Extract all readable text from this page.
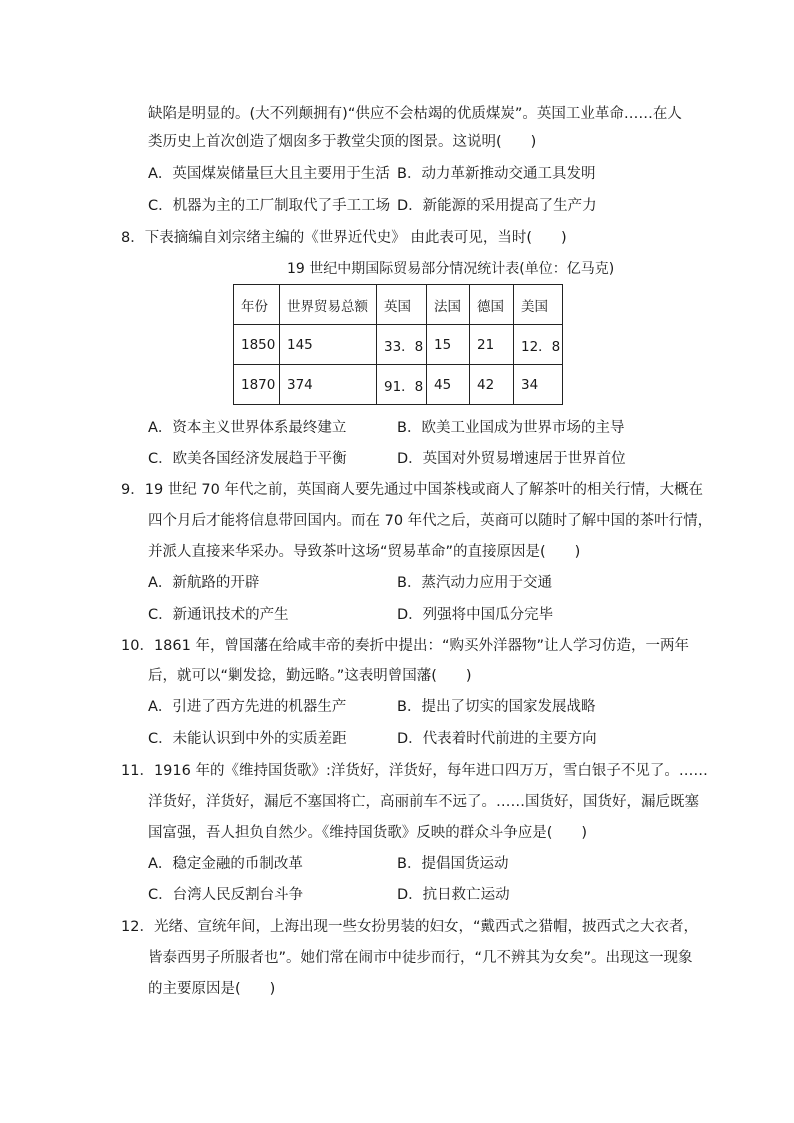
缺陷是明显的。(大不列颠拥有)“供应不会枯竭的优质煤炭”。英国工业革命……在人
类历史上首次创造了烟囱多于教堂尖顶的图景。这说明(　　)
A．英国煤炭储量巨大且主要用于生活 B．动力革新推动交通工具发明
C．机器为主的工厂制取代了手工工场 D．新能源的采用提高了生产力
8．下表摘编自刘宗绪主编的《世界近代史》 由此表可见，当时(　　)
19 世纪中期国际贸易部分情况统计表(单位：亿马克)
年份	世界贸易总额	英国	法国	德国	美国
1850	145	33．8	15	21	12．8
1870	374	91．8	45	42	34
A．资本主义世界体系最终建立	B．欧美工业国成为世界市场的主导
C．欧美各国经济发展趋于平衡	D．英国对外贸易增速居于世界首位
9．19 世纪 70 年代之前，英国商人要先通过中国茶栈或商人了解茶叶的相关行情，大概在
四个月后才能将信息带回国内。而在 70 年代之后，英商可以随时了解中国的茶叶行情，
并派人直接来华采办。导致茶叶这场“贸易革命”的直接原因是(　　)
A．新航路的开辟	B．蒸汽动力应用于交通
C．新通讯技术的产生	D．列强将中国瓜分完毕
10．1861 年，曾国藩在给咸丰帝的奏折中提出：“购买外洋器物”让人学习仿造，一两年
后，就可以“剿发捻，勤远略。”这表明曾国藩(　　)
A．引进了西方先进的机器生产	B．提出了切实的国家发展战略
C．未能认识到中外的实质差距	D．代表着时代前进的主要方向
11．1916 年的《维持国货歌》:洋货好，洋货好，每年进口四万万，雪白银子不见了。……
洋货好，洋货好，漏卮不塞国将亡，高丽前车不远了。……国货好，国货好，漏卮既塞
国富强，吾人担负自然少。《维持国货歌》反映的群众斗争应是(　　)
A．稳定金融的币制改革	B．提倡国货运动
C．台湾人民反割台斗争	D．抗日救亡运动
12．光绪、宣统年间，上海出现一些女扮男装的妇女，“戴西式之猎帽，披西式之大衣者，
皆泰西男子所服者也”。她们常在闹市中徒步而行，“几不辨其为女矣”。出现这一现象
的主要原因是(　　)
